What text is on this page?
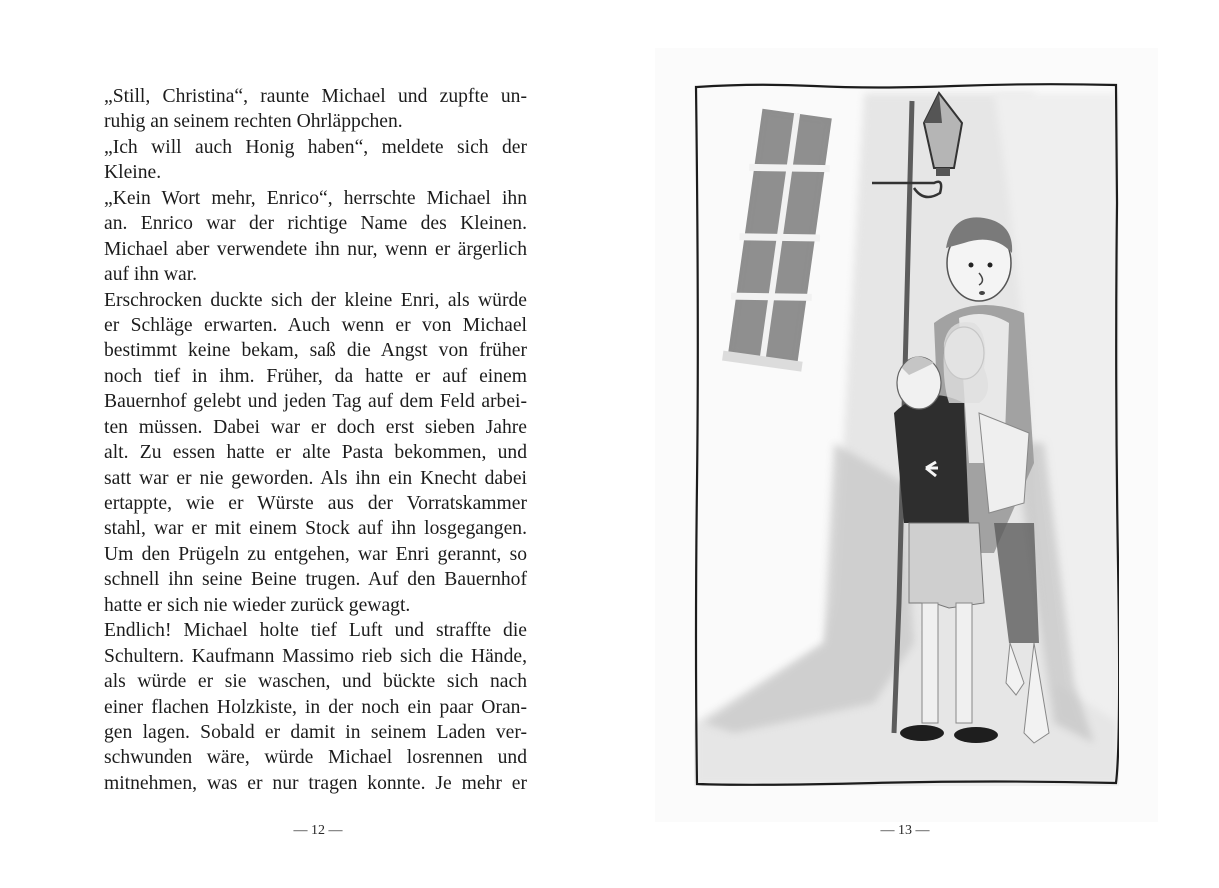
„Still, Christina“, raunte Michael und zupfte un-
ruhig an seinem rechten Ohrläppchen.
„Ich will auch Honig haben“, meldete sich der
Kleine.
„Kein Wort mehr, Enrico“, herrschte Michael ihn
an. Enrico war der richtige Name des Kleinen.
Michael aber verwendete ihn nur, wenn er ärgerlich
auf ihn war.
Erschrocken duckte sich der kleine Enri, als würde
er Schläge erwarten. Auch wenn er von Michael
bestimmt keine bekam, saß die Angst von früher
noch tief in ihm. Früher, da hatte er auf einem
Bauernhof gelebt und jeden Tag auf dem Feld arbei-
ten müssen. Dabei war er doch erst sieben Jahre
alt. Zu essen hatte er alte Pasta bekommen, und
satt war er nie geworden. Als ihn ein Knecht dabei
ertappte, wie er Würste aus der Vorratskammer
stahl, war er mit einem Stock auf ihn losgegangen.
Um den Prügeln zu entgehen, war Enri gerannt, so
schnell ihn seine Beine trugen. Auf den Bauernhof
hatte er sich nie wieder zurück gewagt.
Endlich! Michael holte tief Luft und straffte die
Schultern. Kaufmann Massimo rieb sich die Hände,
als würde er sie waschen, und bückte sich nach
einer flachen Holzkiste, in der noch ein paar Oran-
gen lagen. Sobald er damit in seinem Laden ver-
schwunden wäre, würde Michael losrennen und
mitnehmen, was er nur tragen konnte. Je mehr er
— 12 —	— 13 —
